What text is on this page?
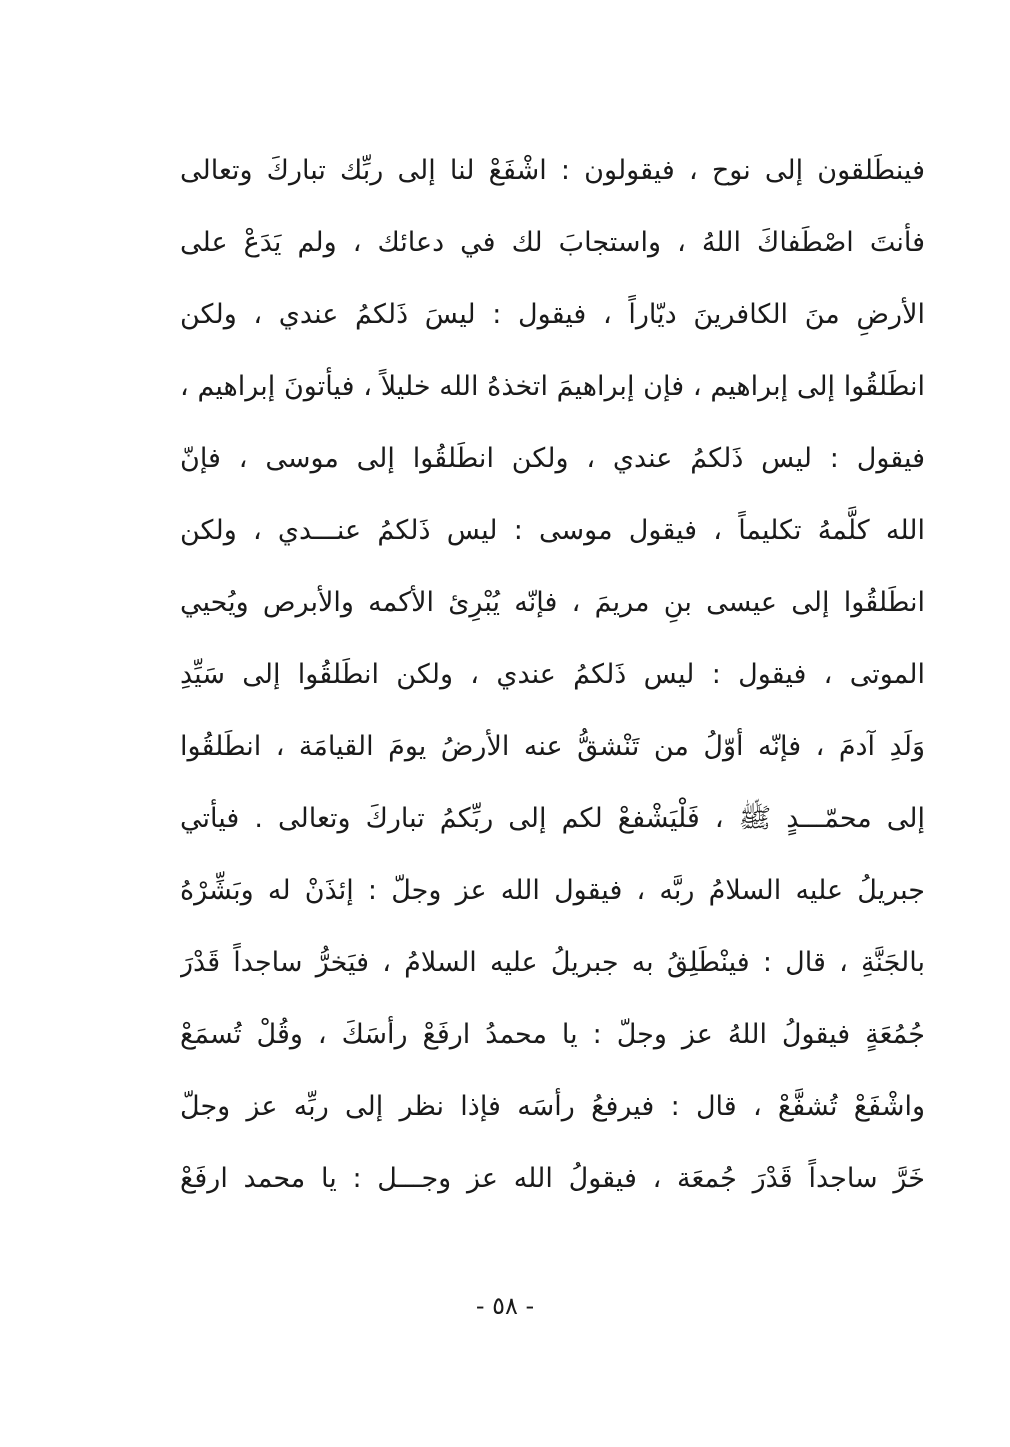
فينطَلقون إلى نوح ، فيقولون : اشْفَعْ لنا إلى ربِّك تباركَ وتعالى
فأنتَ اصْطَفاكَ اللهُ ، واستجابَ لك في دعائك ، ولم يَدَعْ على
الأرضِ منَ الكافرينَ ديّاراً ، فيقول : ليسَ ذَلكمُ عندي ، ولكن
انطَلقُوا إلى إبراهيم ، فإن إبراهيمَ اتخذهُ الله خليلاً ، فيأتونَ إبراهيم ،
فيقول : ليس ذَلكمُ عندي ، ولكن انطَلقُوا إلى موسى ، فإنّ
الله كلَّمهُ تكليماً ، فيقول موسى : ليس ذَلكمُ عنـــدي ، ولكن
انطَلقُوا إلى عيسى بنِ مريمَ ، فإنّه يُبْرِئ الأكمه والأبرص ويُحيي
الموتى ، فيقول : ليس ذَلكمُ عندي ، ولكن انطَلقُوا إلى سَيِّدِ
وَلَدِ آدمَ ، فإنّه أوّلُ من تَنْشقُّ عنه الأرضُ يومَ القيامَة ، انطَلقُوا
إلى محمّـــدٍ ﷺ ، فَلْيَشْفعْ لكم إلى ربِّكمُ تباركَ وتعالى . فيأتي
جبريلُ عليه السلامُ ربَّه ، فيقول الله عز وجلّ : إئذَنْ له وبَشِّرْهُ
بالجَنَّةِ ، قال : فينْطَلِقُ به جبريلُ عليه السلامُ ، فيَخرُّ ساجداً قَدْرَ
جُمُعَةٍ فيقولُ اللهُ عز وجلّ : يا محمدُ ارفَعْ رأسَكَ ، وقُلْ تُسمَعْ
واشْفَعْ تُشفَّعْ ، قال : فيرفعُ رأسَه فإذا نظر إلى ربِّه عز وجلّ
خَرَّ ساجداً قَدْرَ جُمعَة ، فيقولُ الله عز وجـــل : يا محمد ارفَعْ
- ٥٨ -
